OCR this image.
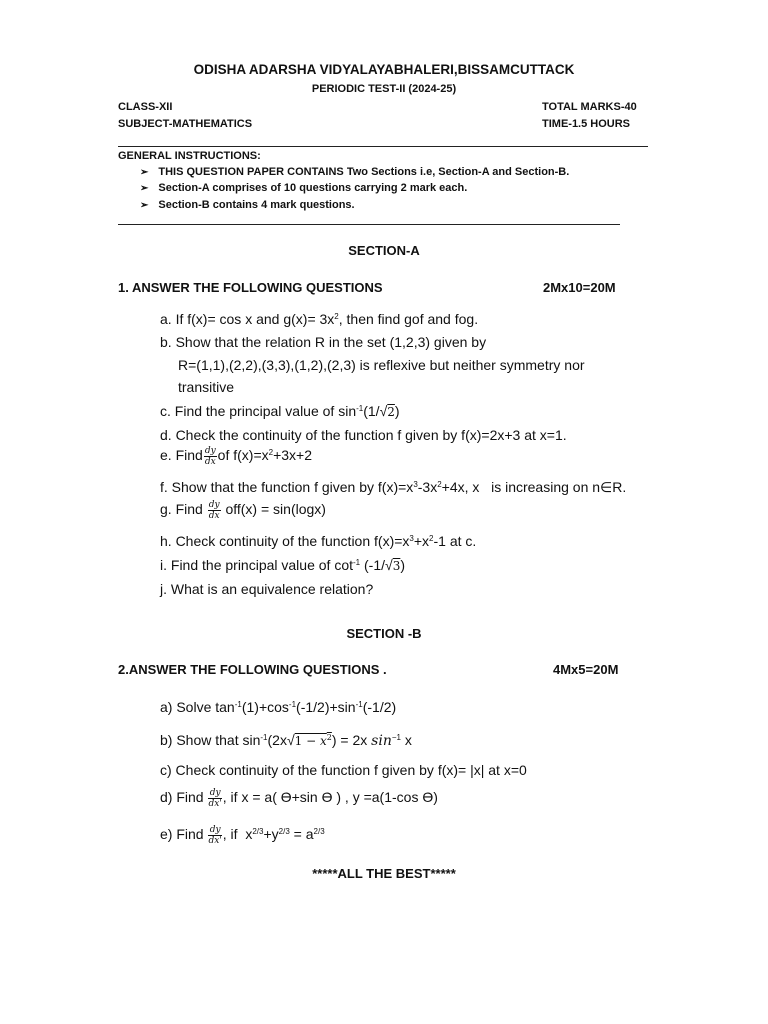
ODISHA ADARSHA VIDYALAYABHALERI,BISSAMCUTTACK
PERIODIC TEST-II (2024-25)
CLASS-XII	TOTAL MARKS-40
SUBJECT-MATHEMATICS	TIME-1.5 HOURS
GENERAL INSTRUCTIONS:
➢ THIS QUESTION PAPER CONTAINS Two Sections i.e, Section-A and Section-B.
➢ Section-A comprises of 10 questions carrying 2 mark each.
➢ Section-B contains 4 mark questions.
SECTION-A
1. ANSWER THE FOLLOWING QUESTIONS	2Mx10=20M
a. If f(x)= cos x and $g(x)= 3x^2$, then find gof and fog.
b. Show that the relation R in the set (1,2,3) given by
R=(1,1),(2,2),(3,3),(1,2),(2,3) is reflexive but neither symmetry nor
transitive
c. Find the principal value of $\sin^{-1}(1/√2)$
d. Check the continuity of the function f given by f(x)=2x+3 at x=1.
e. Find $\frac{dy}{dx}$ of $f(x)=x^2+3x+2$
f. Show that the function f given by $f(x)=x^3-3x^2+4x$, x   is increasing on n∈R.
g. Find $\frac{dy}{dx} off(x) = \sin(\log x)$
h. Check continuity of the function $f(x)=x^3+x^2-1$ at c.
i. Find the principal value of $\cot^{-1} (-1/√3)$
j. What is an equivalence relation?
SECTION -B
2.ANSWER THE FOLLOWING QUESTIONS .	4Mx5=20M
a) Solve $\tan^{-1}(1)+\cos^{-1}(-1/2)+\sin^{-1}(-1/2)$
b) Show that $\sin^{-1}(2x√1 - x^2) = 2x$ $\sin^{-1} x$
c) Check continuity of the function f given by f(x)= |x| at x=0
d) Find $\frac{dy}{dx'}$ , if x = a( ϴ+sin ϴ ) , y =a(1-cos ϴ)
e) Find $\frac{dy}{dx'}$ , if  $x^{2/3}+y^{2/3} = a^{2/3}$
*****ALL THE BEST*****
